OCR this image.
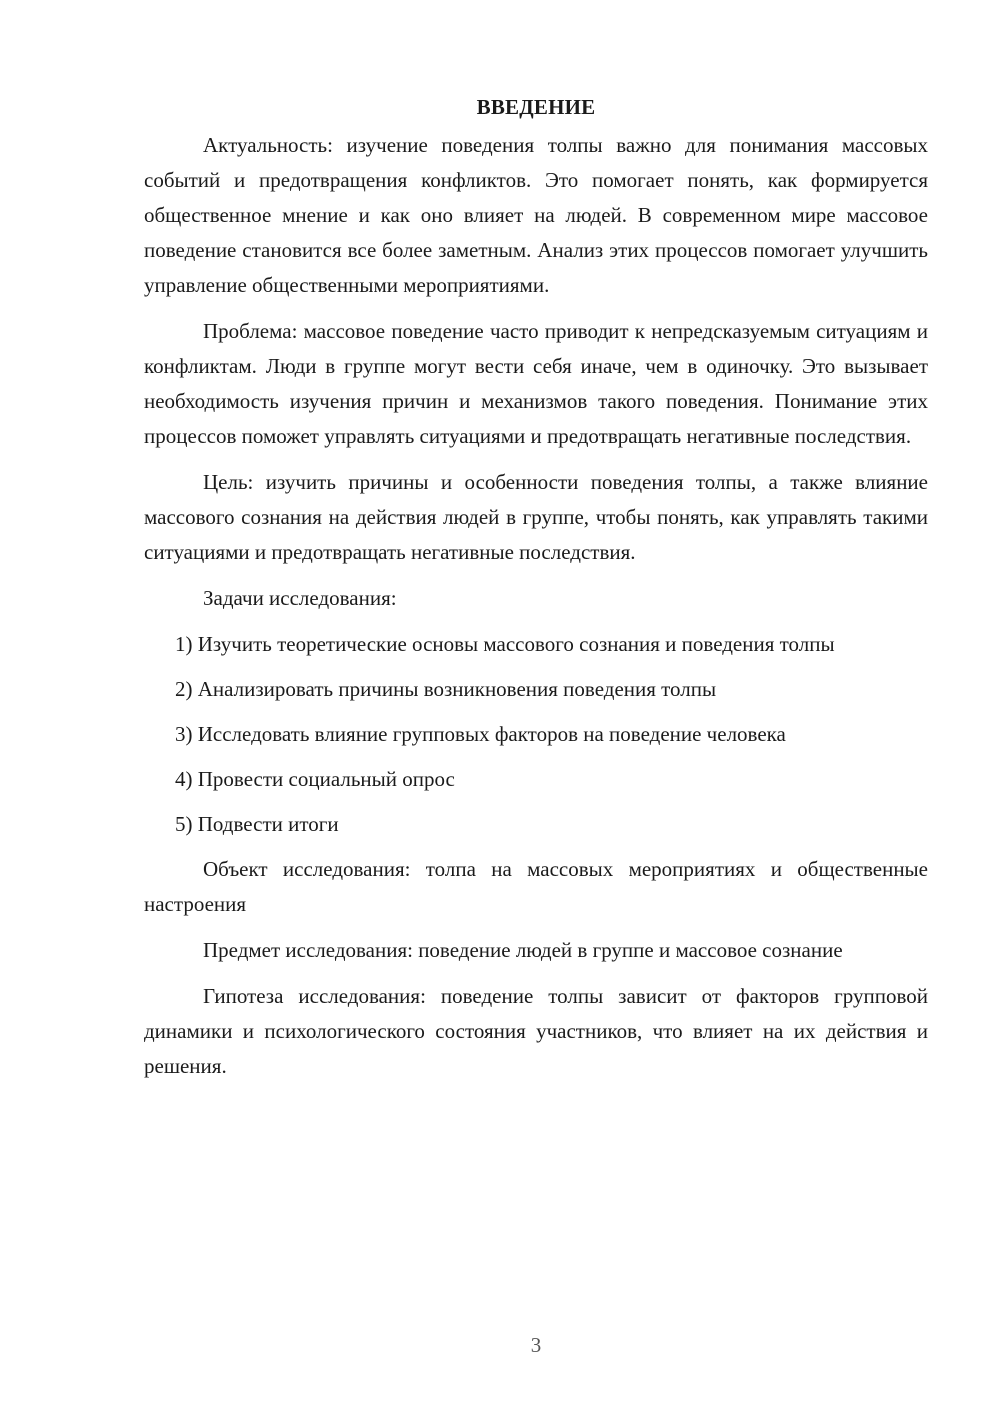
ВВЕДЕНИЕ

Актуальность: изучение поведения толпы важно для понимания массовых событий и предотвращения конфликтов. Это помогает понять, как формируется общественное мнение и как оно влияет на людей. В современном мире массовое поведение становится все более заметным. Анализ этих процессов помогает улучшить управление общественными мероприятиями.

Проблема: массовое поведение часто приводит к непредсказуемым ситуациям и конфликтам. Люди в группе могут вести себя иначе, чем в одиночку. Это вызывает необходимость изучения причин и механизмов такого поведения. Понимание этих процессов поможет управлять ситуациями и предотвращать негативные последствия.

Цель: изучить причины и особенности поведения толпы, а также влияние массового сознания на действия людей в группе, чтобы понять, как управлять такими ситуациями и предотвращать негативные последствия.

Задачи исследования:

1) Изучить теоретические основы массового сознания и поведения толпы

2) Анализировать причины возникновения поведения толпы

3) Исследовать влияние групповых факторов на поведение человека

4) Провести социальный опрос

5) Подвести итоги

Объект исследования: толпа на массовых мероприятиях и общественные настроения

Предмет исследования: поведение людей в группе и массовое сознание

Гипотеза исследования: поведение толпы зависит от факторов групповой динамики и психологического состояния участников, что влияет на их действия и решения.

3
